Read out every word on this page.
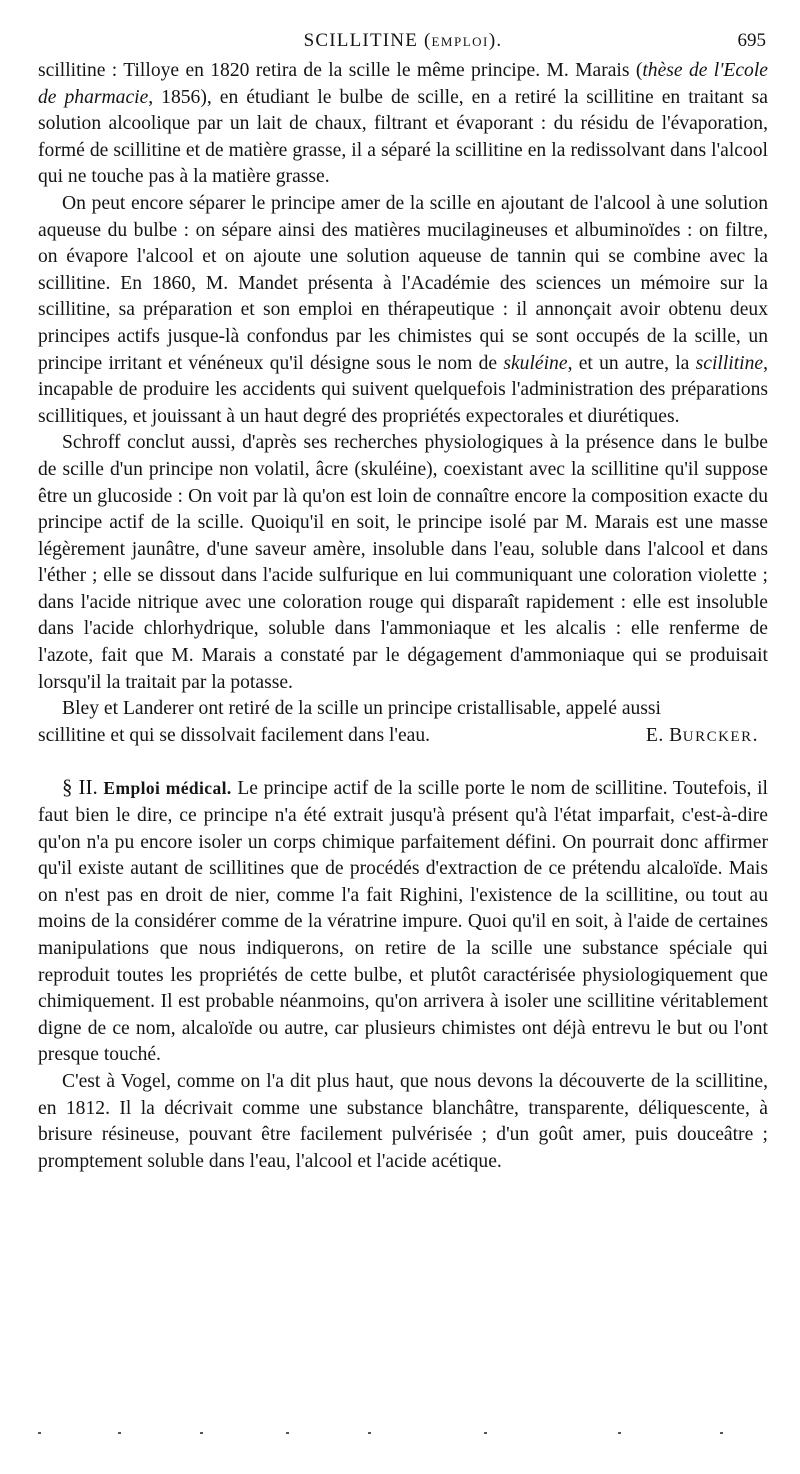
SCILLITINE (EMPLOI).	695

scillitine : Tilloye en 1820 retira de la scille le même principe. M. Marais (thèse de l'Ecole de pharmacie, 1856), en étudiant le bulbe de scille, en a retiré la scillitine en traitant sa solution alcoolique par un lait de chaux, filtrant et évaporant : du résidu de l'évaporation, formé de scillitine et de matière grasse, il a séparé la scillitine en la redissolvant dans l'alcool qui ne touche pas à la matière grasse.

On peut encore séparer le principe amer de la scille en ajoutant de l'alcool à une solution aqueuse du bulbe : on sépare ainsi des matières mucilagineuses et albuminoïdes : on filtre, on évapore l'alcool et on ajoute une solution aqueuse de tannin qui se combine avec la scillitine. En 1860, M. Mandet présenta à l'Académie des sciences un mémoire sur la scillitine, sa préparation et son emploi en thérapeutique : il annonçait avoir obtenu deux principes actifs jusque-là confondus par les chimistes qui se sont occupés de la scille, un principe irritant et vénéneux qu'il désigne sous le nom de skuléine, et un autre, la scillitine, incapable de produire les accidents qui suivent quelquefois l'administration des préparations scillitiques, et jouissant à un haut degré des propriétés expectorales et diurétiques.

Schroff conclut aussi, d'après ses recherches physiologiques à la présence dans le bulbe de scille d'un principe non volatil, âcre (skuléine), coexistant avec la scillitine qu'il suppose être un glucoside : On voit par là qu'on est loin de connaître encore la composition exacte du principe actif de la scille. Quoiqu'il en soit, le principe isolé par M. Marais est une masse légèrement jaunâtre, d'une saveur amère, insoluble dans l'eau, soluble dans l'alcool et dans l'éther ; elle se dissout dans l'acide sulfurique en lui communiquant une coloration violette ; dans l'acide nitrique avec une coloration rouge qui disparaît rapidement : elle est insoluble dans l'acide chlorhydrique, soluble dans l'ammoniaque et les alcalis : elle renferme de l'azote, fait que M. Marais a constaté par le dégagement d'ammoniaque qui se produisait lorsqu'il la traitait par la potasse.

Bley et Landerer ont retiré de la scille un principe cristallisable, appelé aussi

scillitine et qui se dissolvait facilement dans l'eau.	E. BURCKER.

§ II. Emploi médical. Le principe actif de la scille porte le nom de scillitine. Toutefois, il faut bien le dire, ce principe n'a été extrait jusqu'à présent qu'à l'état imparfait, c'est-à-dire qu'on n'a pu encore isoler un corps chimique parfaitement défini. On pourrait donc affirmer qu'il existe autant de scillitines que de procédés d'extraction de ce prétendu alcaloïde. Mais on n'est pas en droit de nier, comme l'a fait Righini, l'existence de la scillitine, ou tout au moins de la considérer comme de la vératrine impure. Quoi qu'il en soit, à l'aide de certaines manipulations que nous indiquerons, on retire de la scille une substance spéciale qui reproduit toutes les propriétés de cette bulbe, et plutôt caractérisée physiologiquement que chimiquement. Il est probable néanmoins, qu'on arrivera à isoler une scillitine véritablement digne de ce nom, alcaloïde ou autre, car plusieurs chimistes ont déjà entrevu le but ou l'ont presque touché.

C'est à Vogel, comme on l'a dit plus haut, que nous devons la découverte de la scillitine, en 1812. Il la décrivait comme une substance blanchâtre, transparente, déliquescente, à brisure résineuse, pouvant être facilement pulvérisée ; d'un goût amer, puis douceâtre ; promptement soluble dans l'eau, l'alcool et l'acide acétique.
